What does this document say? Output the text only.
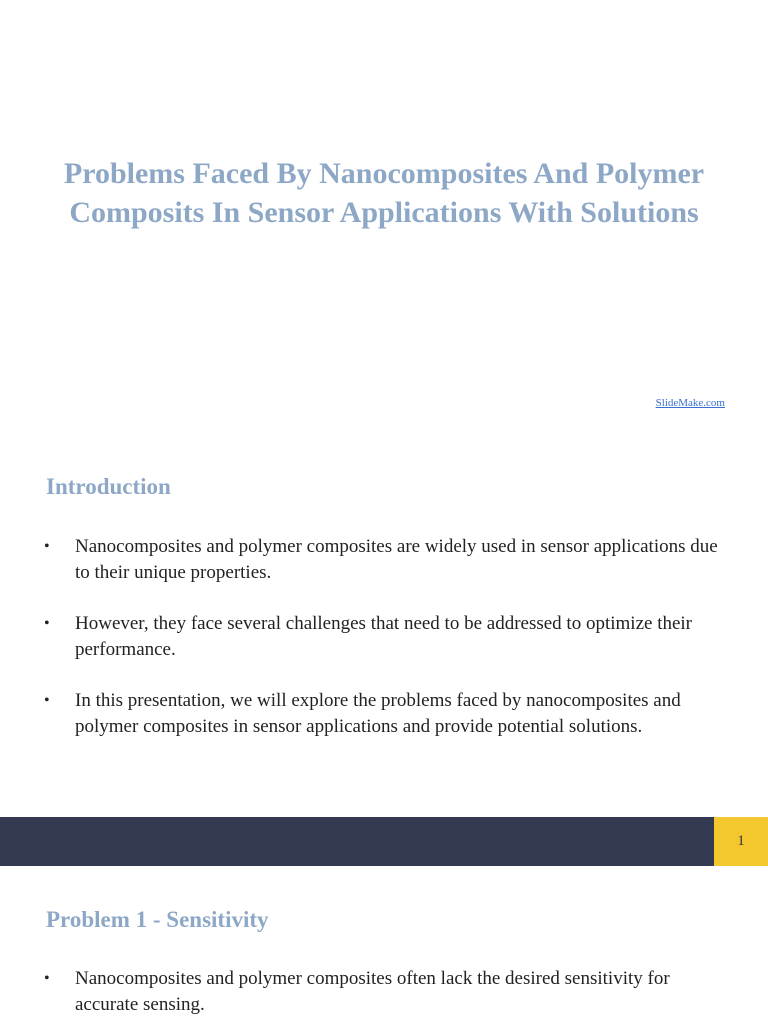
Problems Faced By Nanocomposites And Polymer Composits In Sensor Applications With Solutions
SlideMake.com
Introduction
• Nanocomposites and polymer composites are widely used in sensor applications due to their unique properties.
• However, they face several challenges that need to be addressed to optimize their performance.
• In this presentation, we will explore the problems faced by nanocomposites and polymer composites in sensor applications and provide potential solutions.
1
Problem 1 - Sensitivity
• Nanocomposites and polymer composites often lack the desired sensitivity for accurate sensing.
